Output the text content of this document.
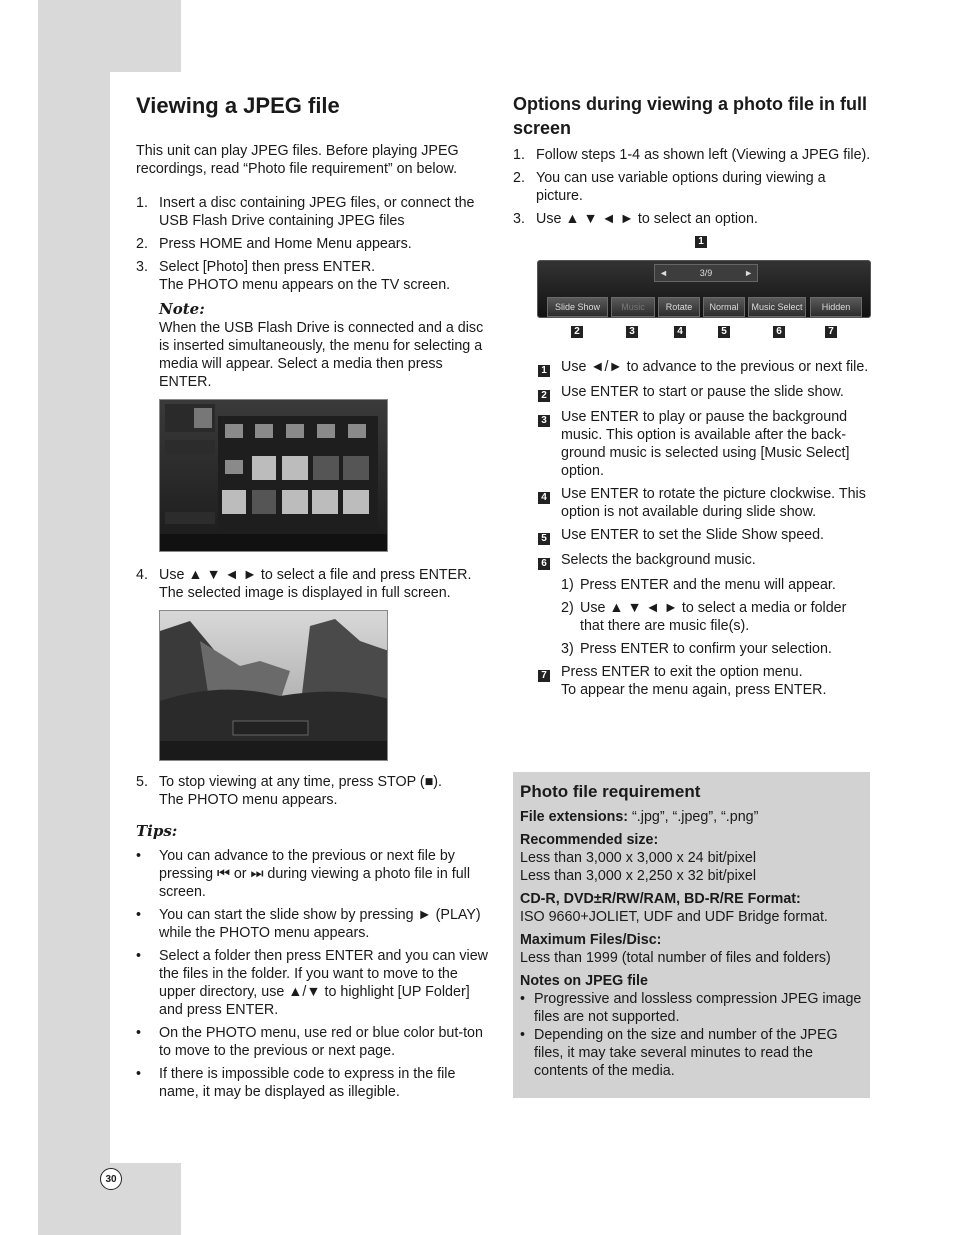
30
Viewing a JPEG file

This unit can play JPEG files. Before playing JPEG recordings, read “Photo file requirement” on below.

1. Insert a disc containing JPEG files, or connect the USB Flash Drive containing JPEG files
2. Press HOME and Home Menu appears.
3. Select [Photo] then press ENTER.
The PHOTO menu appears on the TV screen.
Note:

When the USB Flash Drive is connected and a disc is inserted simultaneously, the menu for selecting a media will appear. Select a media then press ENTER.

4. Use ▲ ▼ ◄ ► to select a file and press ENTER.
The selected image is displayed in full screen.
5. To stop viewing at any time, press STOP (■).
The PHOTO menu appears.
Tips:
•	You can advance to the previous or next file by pressing ⏮ or ⏭ during viewing a photo file in full screen.
•	You can start the slide show by pressing ► (PLAY) while the PHOTO menu appears.
•	Select a folder then press ENTER and you can view the files in the folder. If you want to move to the upper directory, use ▲/▼ to highlight [UP Folder] and press ENTER.
•	On the PHOTO menu, use red or blue color but-ton to move to the previous or next page.
•	If there is impossible code to express in the file name, it may be displayed as illegible.
Options during viewing a photo file in full screen
1. Follow steps 1-4 as shown left (Viewing a JPEG file).
2. You can use variable options during viewing a picture.
3. Use ▲ ▼ ◄ ► to select an option.
1
◄	3/9	►
Slide Show	Music	Rotate	Normal	Music Select	Hidden
2	3	4	5	6	7
1 Use ◄/► to advance to the previous or next file.
2 Use ENTER to start or pause the slide show.
3 Use ENTER to play or pause the background music. This option is available after the back-ground music is selected using [Music Select] option.
4 Use ENTER to rotate the picture clockwise. This option is not available during slide show.
5 Use ENTER to set the Slide Show speed.
6 Selects the background music.
1) Press ENTER and the menu will appear.
2) Use ▲ ▼ ◄ ► to select a media or folder that there are music file(s).
3) Press ENTER to confirm your selection.
7 Press ENTER to exit the option menu.
To appear the menu again, press ENTER.
Photo file requirement
File extensions: “.jpg”, “.jpeg”, “.png”
Recommended size:
Less than 3,000 x 3,000 x 24 bit/pixel
Less than 3,000 x 2,250 x 32 bit/pixel
CD-R, DVD±R/RW/RAM, BD-R/RE Format:
ISO 9660+JOLIET, UDF and UDF Bridge format.
Maximum Files/Disc:
Less than 1999 (total number of files and folders)
Notes on JPEG file
• Progressive and lossless compression JPEG image files are not supported.
• Depending on the size and number of the JPEG files, it may take several minutes to read the contents of the media.
